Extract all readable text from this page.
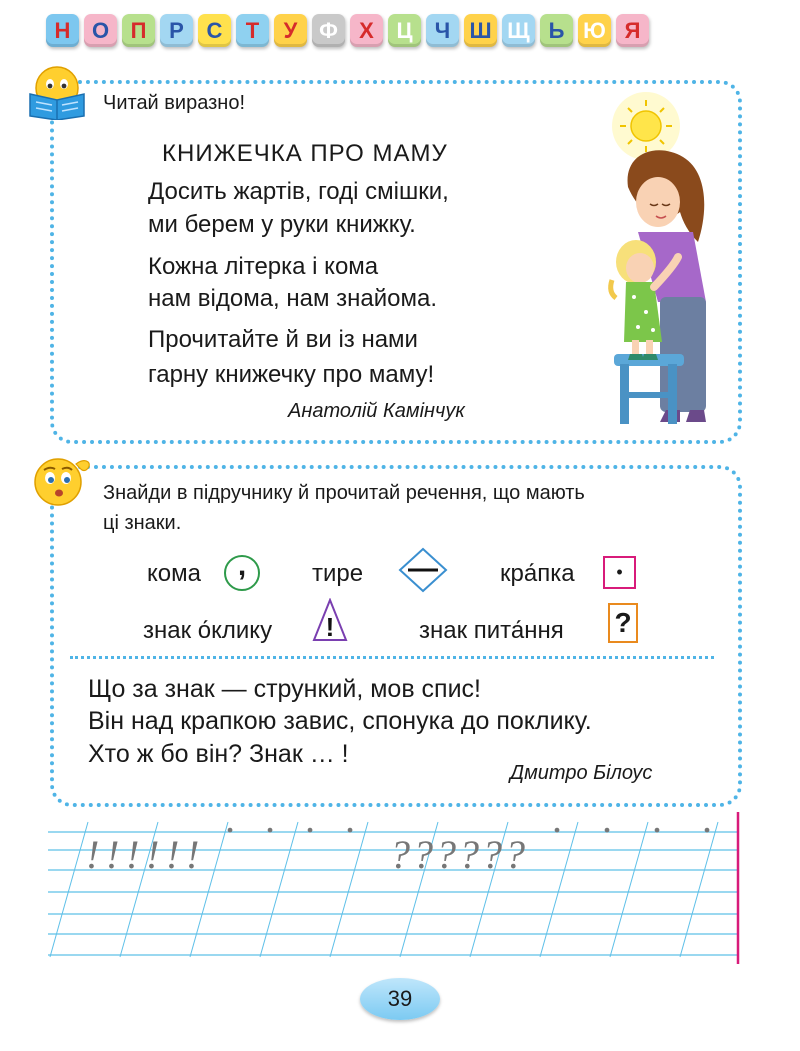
Н О П	Р	С	Т	У Ф Х	Ц	Ч Ш Щ Ь Ю Я
Читай виразно!
КНИЖЕЧКА ПРО МАМУ
Досить жартів, годі смішки,
ми берем у руки книжку.
Кожна літерка і кома
нам відома, нам знайома.
Прочитайте й ви із нами
гарну книжечку про маму!
Анатолій Камінчук
Знайди в підручнику й прочитай речення, що мають
ці знаки.
кома ,	тире	кра́пка •
знак о́клику !	знак пита́ння ?
Що за знак — стрункий, мов спис!
Він над крапкою завис, спонука до поклику.
Хто ж бо він? Знак … !
Дмитро Білоус
! ! ! ! ! !
. . . .
? ? ? ? ? ?
. . . .
39
